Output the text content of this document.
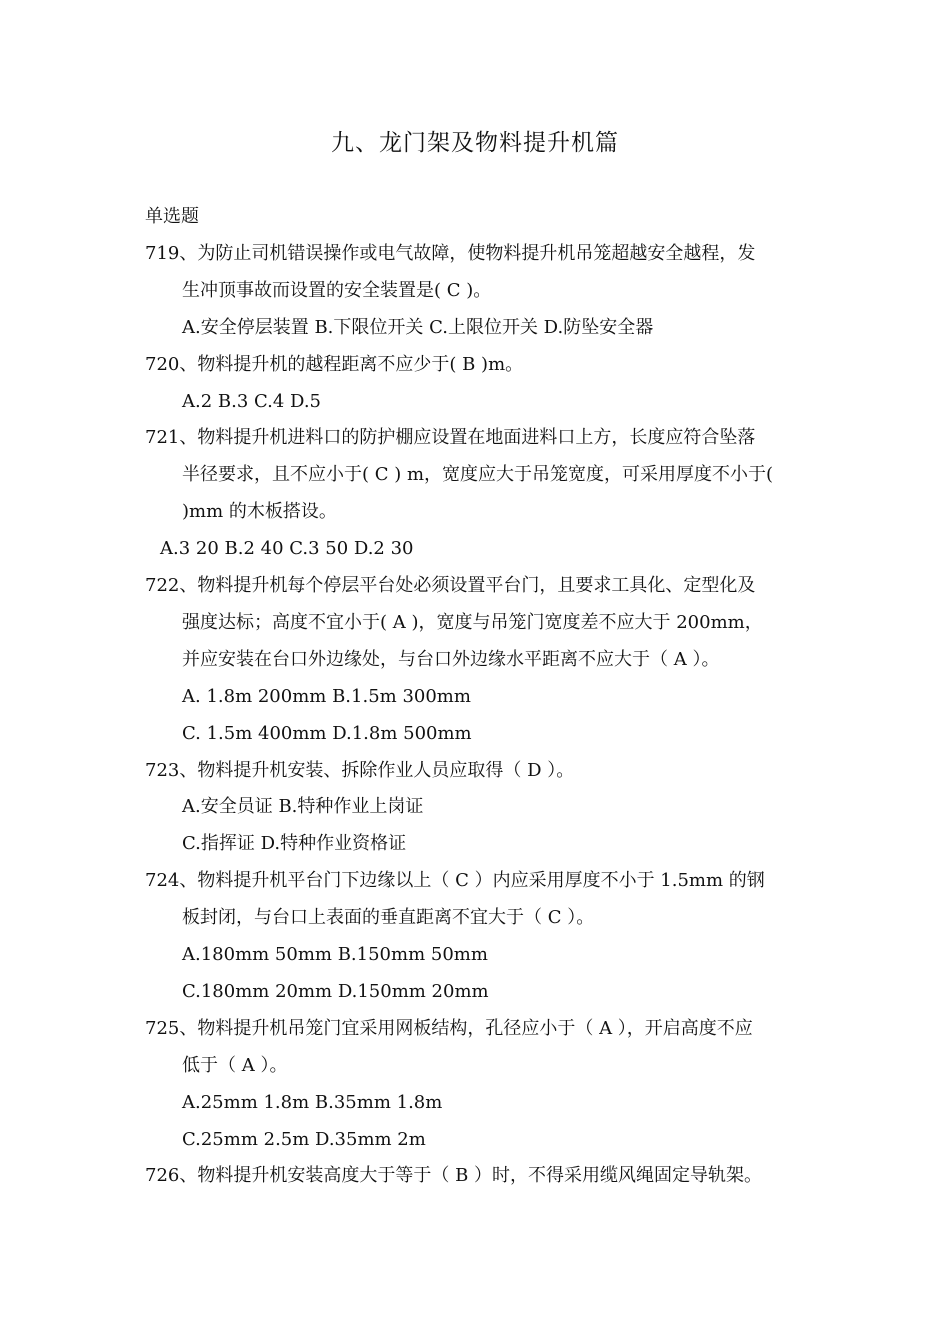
九、龙门架及物料提升机篇
单选题
719、为防止司机错误操作或电气故障，使物料提升机吊笼超越安全越程，发
生冲顶事故而设置的安全装置是( C )。
A.安全停层装置 B.下限位开关 C.上限位开关 D.防坠安全器
720、物料提升机的越程距离不应少于( B )m。
A.2 B.3 C.4 D.5
721、物料提升机进料口的防护棚应设置在地面进料口上方，长度应符合坠落
半径要求，且不应小于( C ) m，宽度应大于吊笼宽度，可采用厚度不小于(
)mm 的木板搭设。
A.3 20 B.2 40 C.3 50 D.2 30
722、物料提升机每个停层平台处必须设置平台门，且要求工具化、定型化及
强度达标；高度不宜小于( A )，宽度与吊笼门宽度差不应大于 200mm，
并应安装在台口外边缘处，与台口外边缘水平距离不应大于（ A ）。
A. 1.8m 200mm B.1.5m 300mm
C. 1.5m 400mm D.1.8m 500mm
723、物料提升机安装、拆除作业人员应取得（ D ）。
A.安全员证 B.特种作业上岗证
C.指挥证 D.特种作业资格证
724、物料提升机平台门下边缘以上（ C ）内应采用厚度不小于 1.5mm 的钢
板封闭，与台口上表面的垂直距离不宜大于（ C ）。
A.180mm 50mm B.150mm 50mm
C.180mm 20mm D.150mm 20mm
725、物料提升机吊笼门宜采用网板结构，孔径应小于（ A ），开启高度不应
低于（ A ）。
A.25mm 1.8m B.35mm 1.8m
C.25mm 2.5m D.35mm 2m
726、物料提升机安装高度大于等于（ B ）时，不得采用缆风绳固定导轨架。
